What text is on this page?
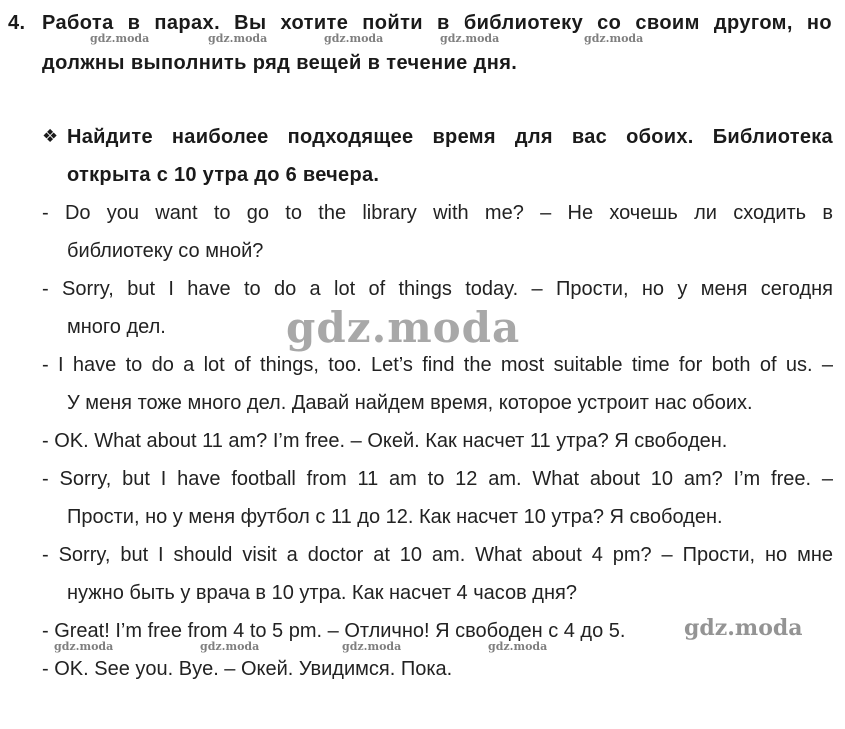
4. Работа в парах. Вы хотите пойти в библиотеку со своим другом, но
должны выполнить ряд вещей в течение дня.
❖ Найдите наиболее подходящее время для вас обоих. Библиотека
открыта с 10 утра до 6 вечера.
- Do you want to go to the library with me? – Не хочешь ли сходить в
библиотеку со мной?
- Sorry, but I have to do a lot of things today. – Прости, но у меня сегодня
много дел.
- I have to do a lot of things, too. Let’s find the most suitable time for both of us. –
У меня тоже много дел. Давай найдем время, которое устроит нас обоих.
- OK. What about 11 am? I’m free. – Окей. Как насчет 11 утра? Я свободен.
- Sorry, but I have football from 11 am to 12 am. What about 10 am? I’m free. –
Прости, но у меня футбол с 11 до 12. Как насчет 10 утра? Я свободен.
- Sorry, but I should visit a doctor at 10 am. What about 4 pm? – Прости, но мне
нужно быть у врача в 10 утра. Как насчет 4 часов дня?
- Great! I’m free from 4 to 5 pm. – Отлично! Я свободен с 4 до 5.
- OK. See you. Bye. – Окей. Увидимся. Пока.
gdz.moda
gdz.moda
gdz.moda	gdz.moda	gdz.moda	gdz.moda	gdz.moda
gdz.moda	gdz.moda	gdz.moda	gdz.moda
